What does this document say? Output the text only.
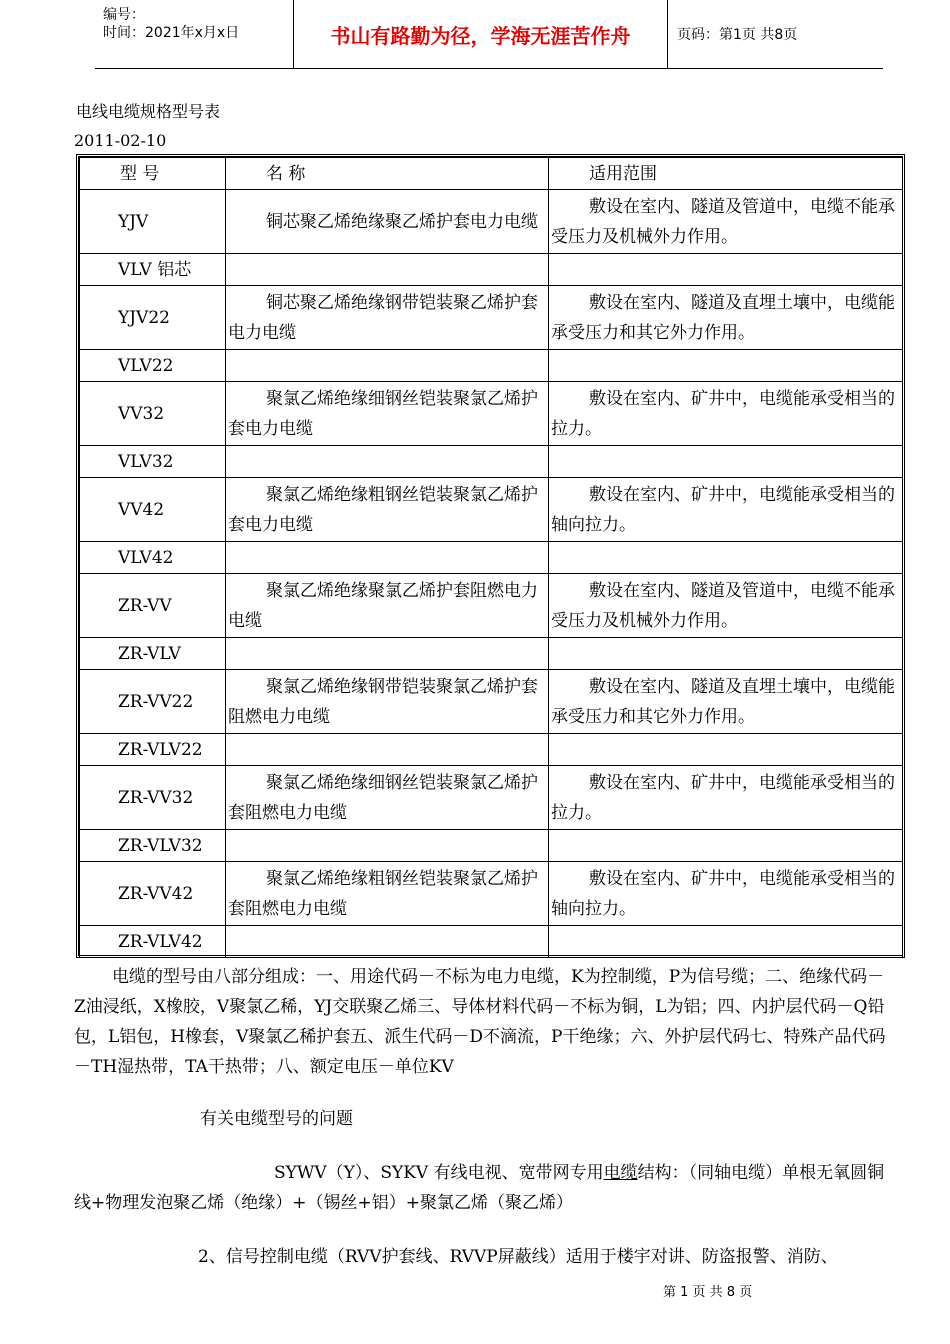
编号：
时间：2021年x月x日	书山有路勤为径，学海无涯苦作舟	页码：第1页 共8页
电线电缆规格型号表
2011-02-10
型 号	名 称	适用范围
YJV	铜芯聚乙烯绝缘聚乙烯护套电力电缆	敷设在室内、隧道及管道中，电缆不能承受压力及机械外力作用。
VLV 铝芯		
YJV22	铜芯聚乙烯绝缘钢带铠装聚乙烯护套电力电缆	敷设在室内、隧道及直埋土壤中，电缆能承受压力和其它外力作用。
VLV22		
VV32	聚氯乙烯绝缘细钢丝铠装聚氯乙烯护套电力电缆	敷设在室内、矿井中，电缆能承受相当的拉力。
VLV32		
VV42	聚氯乙烯绝缘粗钢丝铠装聚氯乙烯护套电力电缆	敷设在室内、矿井中，电缆能承受相当的轴向拉力。
VLV42		
ZR-VV	聚氯乙烯绝缘聚氯乙烯护套阻燃电力电缆	敷设在室内、隧道及管道中，电缆不能承受压力及机械外力作用。
ZR-VLV		
ZR-VV22	聚氯乙烯绝缘钢带铠装聚氯乙烯护套阻燃电力电缆	敷设在室内、隧道及直埋土壤中，电缆能承受压力和其它外力作用。
ZR-VLV22		
ZR-VV32	聚氯乙烯绝缘细钢丝铠装聚氯乙烯护套阻燃电力电缆	敷设在室内、矿井中，电缆能承受相当的拉力。
ZR-VLV32		
ZR-VV42	聚氯乙烯绝缘粗钢丝铠装聚氯乙烯护套阻燃电力电缆	敷设在室内、矿井中，电缆能承受相当的轴向拉力。
ZR-VLV42		
电缆的型号由八部分组成：一、用途代码－不标为电力电缆，K为控制缆，P为信号缆；二、绝缘代码－Z油浸纸，X橡胶，V聚氯乙稀，YJ交联聚乙烯三、导体材料代码－不标为铜，L为铝；四、内护层代码－Q铅包，L铝包，H橡套，V聚氯乙稀护套五、派生代码－D不滴流，P干绝缘；六、外护层代码七、特殊产品代码－TH湿热带，TA干热带；八、额定电压－单位KV
有关电缆型号的问题
SYWV（Y）、SYKV 有线电视、宽带网专用电缆结构：（同轴电缆）单根无氧圆铜线+物理发泡聚乙烯（绝缘）+（锡丝+铝）+聚氯乙烯（聚乙烯）
2、信号控制电缆（RVV护套线、RVVP屏蔽线）适用于楼宇对讲、防盗报警、消防、
第 1 页 共 8 页
